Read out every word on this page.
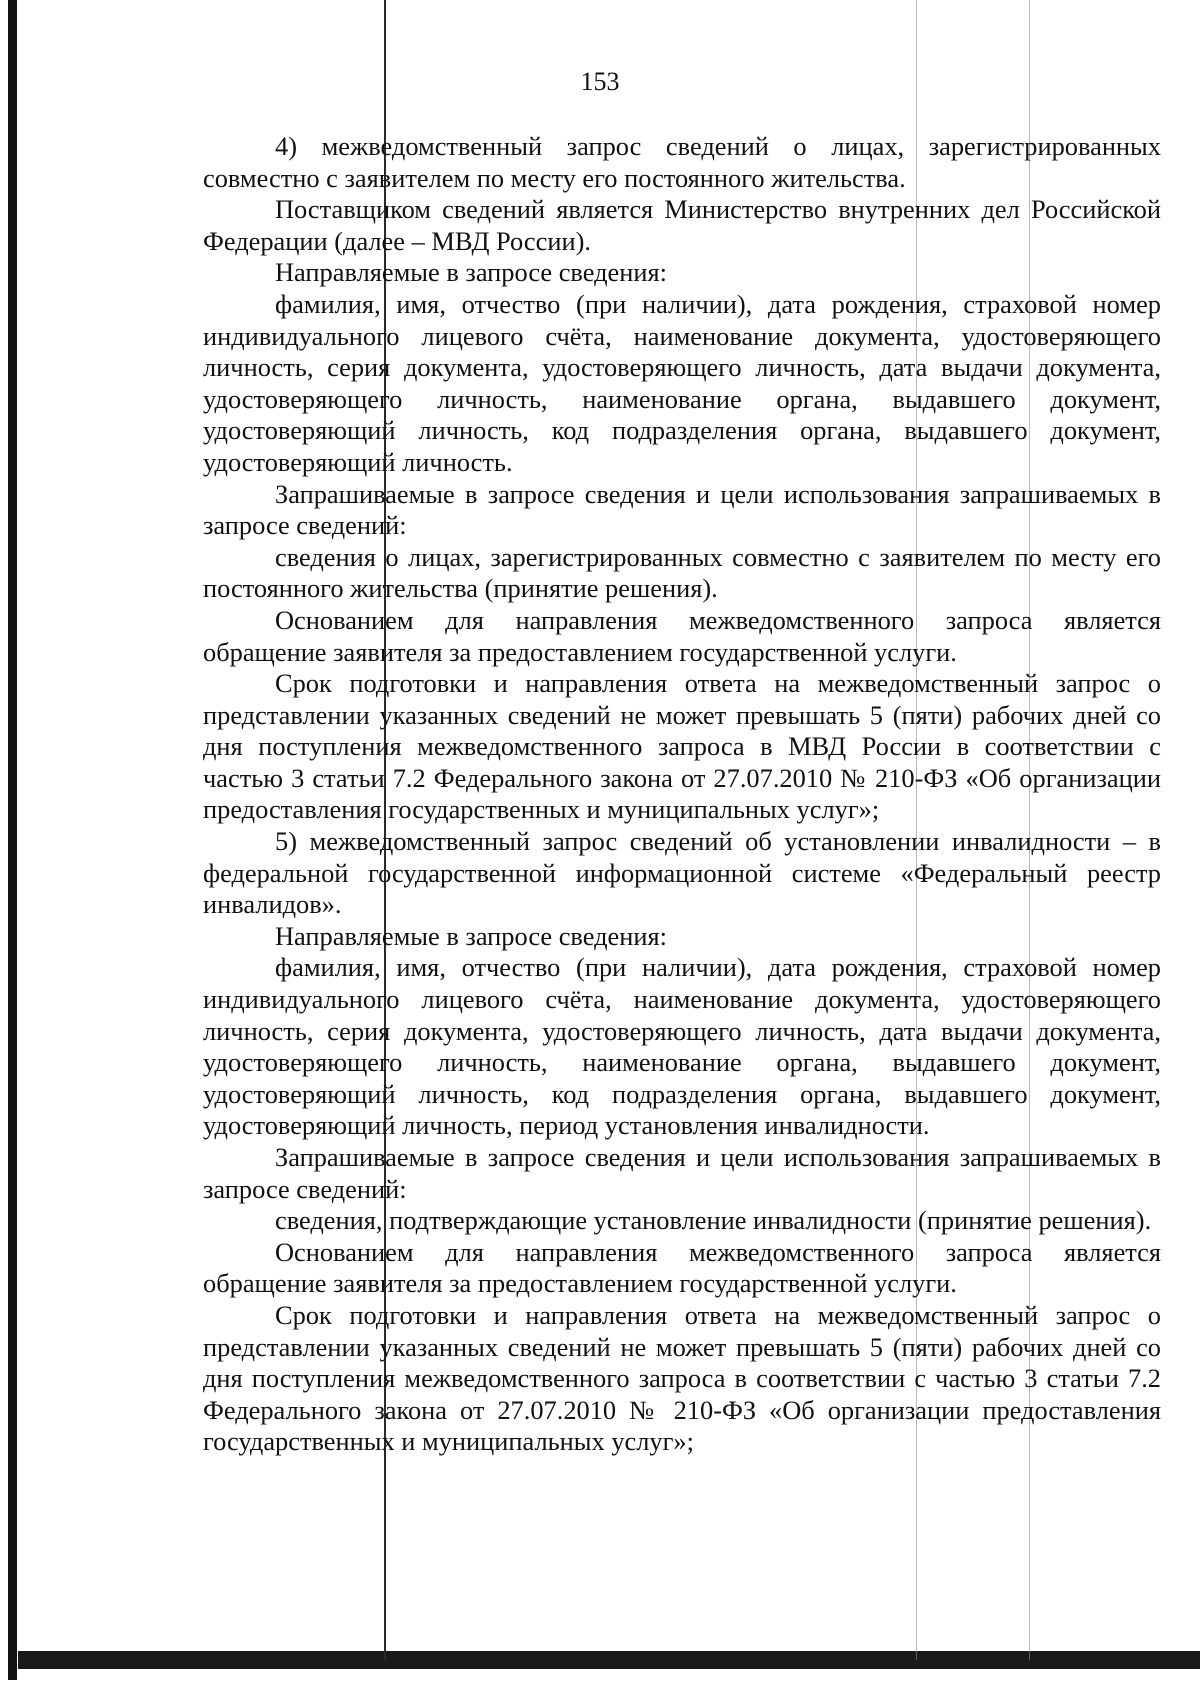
153

4) межведомственный запрос сведений о лицах, зарегистрированных совместно с заявителем по месту его постоянного жительства.

Поставщиком сведений является Министерство внутренних дел Российской Федерации (далее – МВД России).

Направляемые в запросе сведения:

фамилия, имя, отчество (при наличии), дата рождения, страховой номер индивидуального лицевого счёта, наименование документа, удостоверяющего личность, серия документа, удостоверяющего личность, дата выдачи документа, удостоверяющего личность, наименование органа, выдавшего документ, удостоверяющий личность, код подразделения органа, выдавшего документ, удостоверяющий личность.

Запрашиваемые в запросе сведения и цели использования запрашиваемых в запросе сведений:

сведения о лицах, зарегистрированных совместно с заявителем по месту его постоянного жительства (принятие решения).

Основанием для направления межведомственного запроса является обращение заявителя за предоставлением государственной услуги.

Срок подготовки и направления ответа на межведомственный запрос о представлении указанных сведений не может превышать 5 (пяти) рабочих дней со дня поступления межведомственного запроса в МВД России в соответствии с частью 3 статьи 7.2 Федерального закона от 27.07.2010 № 210-ФЗ «Об организации предоставления государственных и муниципальных услуг»;

5) межведомственный запрос сведений об установлении инвалидности – в федеральной государственной информационной системе «Федеральный реестр инвалидов».

Направляемые в запросе сведения:

фамилия, имя, отчество (при наличии), дата рождения, страховой номер индивидуального лицевого счёта, наименование документа, удостоверяющего личность, серия документа, удостоверяющего личность, дата выдачи документа, удостоверяющего личность, наименование органа, выдавшего документ, удостоверяющий личность, код подразделения органа, выдавшего документ, удостоверяющий личность, период установления инвалидности.

Запрашиваемые в запросе сведения и цели использования запрашиваемых в запросе сведений:

сведения, подтверждающие установление инвалидности (принятие решения).

Основанием для направления межведомственного запроса является обращение заявителя за предоставлением государственной услуги.

Срок подготовки и направления ответа на межведомственный запрос о представлении указанных сведений не может превышать 5 (пяти) рабочих дней со дня поступления межведомственного запроса в соответствии с частью 3 статьи 7.2 Федерального закона от 27.07.2010 № 210-ФЗ «Об организации предоставления государственных и муниципальных услуг»;
